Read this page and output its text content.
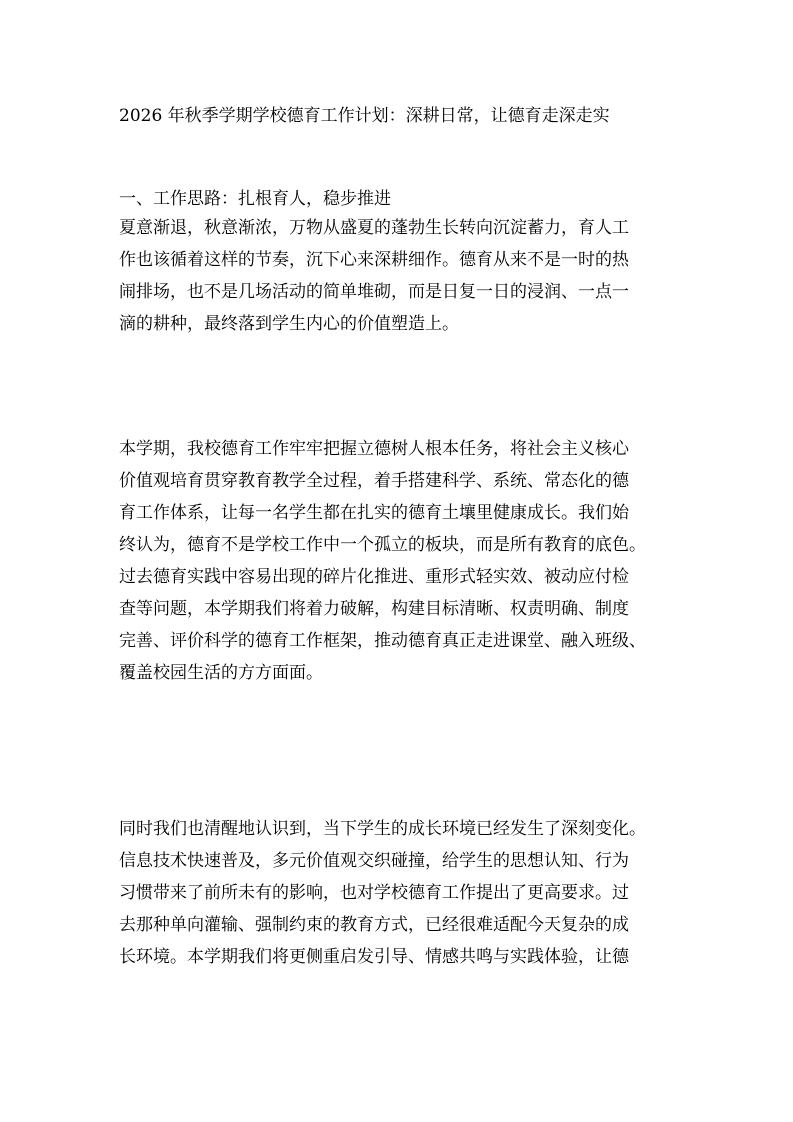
2026 年秋季学期学校德育工作计划：深耕日常，让德育走深走实
一、工作思路：扎根育人，稳步推进
夏意渐退，秋意渐浓，万物从盛夏的蓬勃生长转向沉淀蓄力，育人工
作也该循着这样的节奏，沉下心来深耕细作。德育从来不是一时的热
闹排场，也不是几场活动的简单堆砌，而是日复一日的浸润、一点一
滴的耕种，最终落到学生内心的价值塑造上。
本学期，我校德育工作牢牢把握立德树人根本任务，将社会主义核心
价值观培育贯穿教育教学全过程，着手搭建科学、系统、常态化的德
育工作体系，让每一名学生都在扎实的德育土壤里健康成长。我们始
终认为，德育不是学校工作中一个孤立的板块，而是所有教育的底色。
过去德育实践中容易出现的碎片化推进、重形式轻实效、被动应付检
查等问题，本学期我们将着力破解，构建目标清晰、权责明确、制度
完善、评价科学的德育工作框架，推动德育真正走进课堂、融入班级、
覆盖校园生活的方方面面。
同时我们也清醒地认识到，当下学生的成长环境已经发生了深刻变化。
信息技术快速普及，多元价值观交织碰撞，给学生的思想认知、行为
习惯带来了前所未有的影响，也对学校德育工作提出了更高要求。过
去那种单向灌输、强制约束的教育方式，已经很难适配今天复杂的成
长环境。本学期我们将更侧重启发引导、情感共鸣与实践体验，让德
